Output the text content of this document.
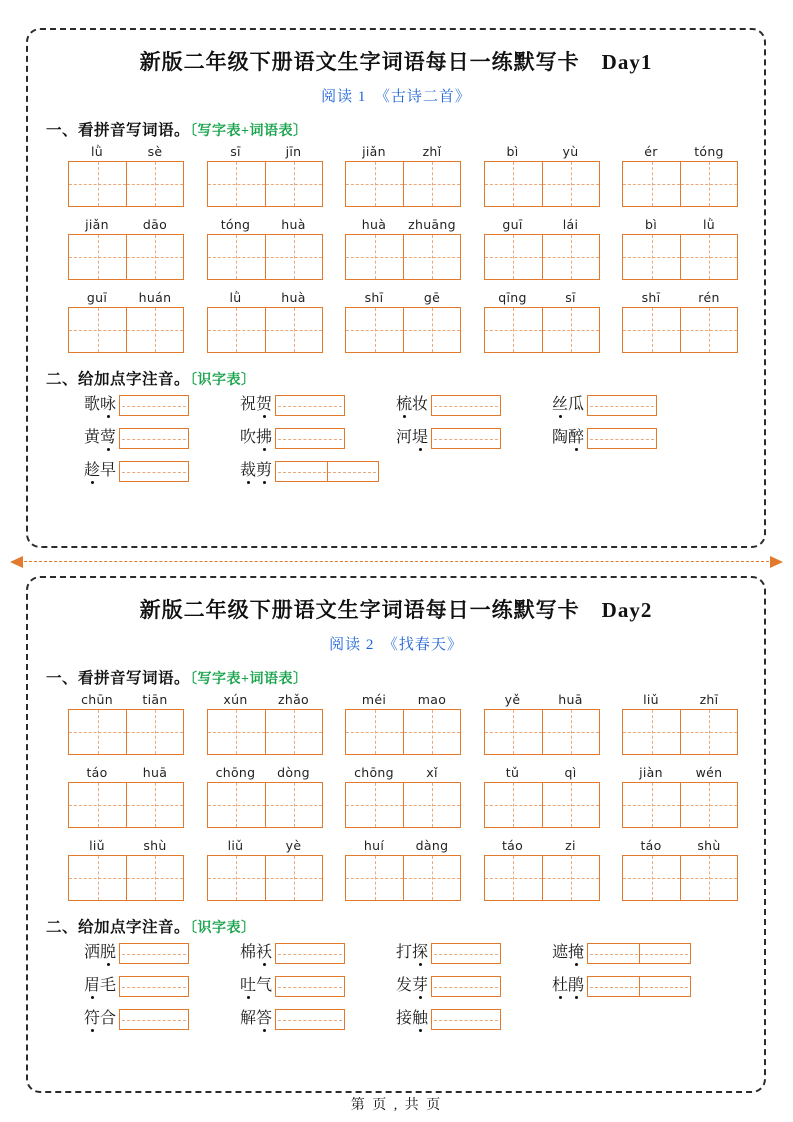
新版二年级下册语文生字词语每日一练默写卡　Day1
阅读 1　《古诗二首》
一、看拼音写词语。〔写字表+词语表〕
lǜ	sè	sī	jīn	jiǎn	zhǐ	bì	yù	ér	tóng
jiǎn	dāo	tóng	huà	huà	zhuāng	guī	lái	bì	lǜ
guī	huán	lǜ	huà	shī	gē	qīng	sī	shī	rén
二、给加点字注音。〔识字表〕
歌咏	祝贺	梳妆	丝瓜
黄莺	吹拂	河堤	陶醉
趁早	裁剪
新版二年级下册语文生字词语每日一练默写卡　Day2
阅读 2　《找春天》
一、看拼音写词语。〔写字表+词语表〕
chūn	tiān	xún	zhǎo	méi	mao	yě	huā	liǔ	zhī
táo	huā	chōng	dòng	chōng	xǐ	tǔ	qì	jiàn	wén
liǔ	shù	liǔ	yè	huí	dàng	táo	zi	táo	shù
二、给加点字注音。〔识字表〕
洒脱	棉袄	打探	遮掩
眉毛	吐气	发芽	杜鹃
符合	解答	接触
第 页 , 共 页
